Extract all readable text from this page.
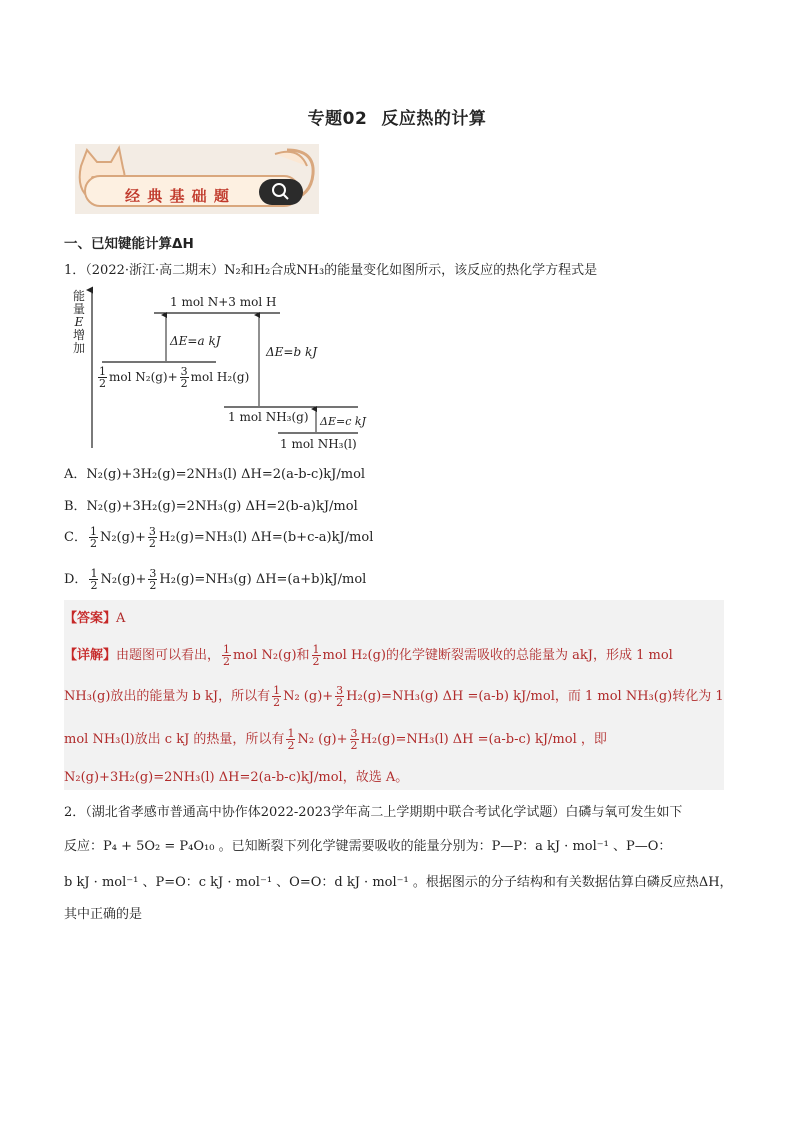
专题02 反应热的计算
经 典 基 础 题
一、已知键能计算ΔH
1．（2022·浙江·高二期末）N₂和H₂合成NH₃的能量变化如图所示，该反应的热化学方程式是
能
量
E
增
加
1 mol N+3 mol H
ΔE=a kJ
ΔE=b kJ
ΔE=c kJ
$\frac{1}{2}$ mol $N_2(g)+ \frac{3}{2}$ mol H₂(g)
1 mol NH₃(g)
1 mol NH₃(l)
A．N₂(g)+3H₂(g)=2NH₃(l) ΔH=2(a-b-c)kJ/mol
B．N₂(g)+3H₂(g)=2NH₃(g) ΔH=2(b-a)kJ/mol
C． $\frac{1}{2} N_2(g)+ \frac{3}{2} H_2(g)=NH_3(l)$ ΔH=(b+c-a)kJ/mol
D． $\frac{1}{2} N_2(g)+ \frac{3}{2} H_2(g)=NH_3(g)$ ΔH=(a+b)kJ/mol
【答案】A
【详解】由题图可以看出， $\frac{1}{2}$ mol N₂(g)和 $\frac{1}{2}$ mol H₂(g)的化学键断裂需吸收的总能量为 akJ，形成 1 mol
NH₃(g)放出的能量为 b kJ，所以有 $\frac{1}{2} N_2$ $(g)+ \frac{3}{2} H_2(g)=NH_3(g)$ ΔH =(a-b) kJ/mol，而 1 mol NH₃(g)转化为 1
mol NH₃(l)放出 c kJ 的热量，所以有 $\frac{1}{2} N_2$ $(g)+ \frac{3}{2} H_2(g)=NH_3(l)$ ΔH =(a-b-c) kJ/mol ，即
N₂(g)+3H₂(g)=2NH₃(l) ΔH=2(a-b-c)kJ/mol，故选 A。
2．（湖北省孝感市普通高中协作体2022-2023学年高二上学期期中联合考试化学试题）白磷与氧可发生如下
反应：P₄ + 5O₂ = P₄O₁₀ 。已知断裂下列化学键需要吸收的能量分别为：P—P：a kJ · mol⁻¹ 、P—O：
b kJ · mol⁻¹ 、P=O：c kJ · mol⁻¹ 、O=O：d kJ · mol⁻¹ 。根据图示的分子结构和有关数据估算白磷反应热ΔH，
其中正确的是
